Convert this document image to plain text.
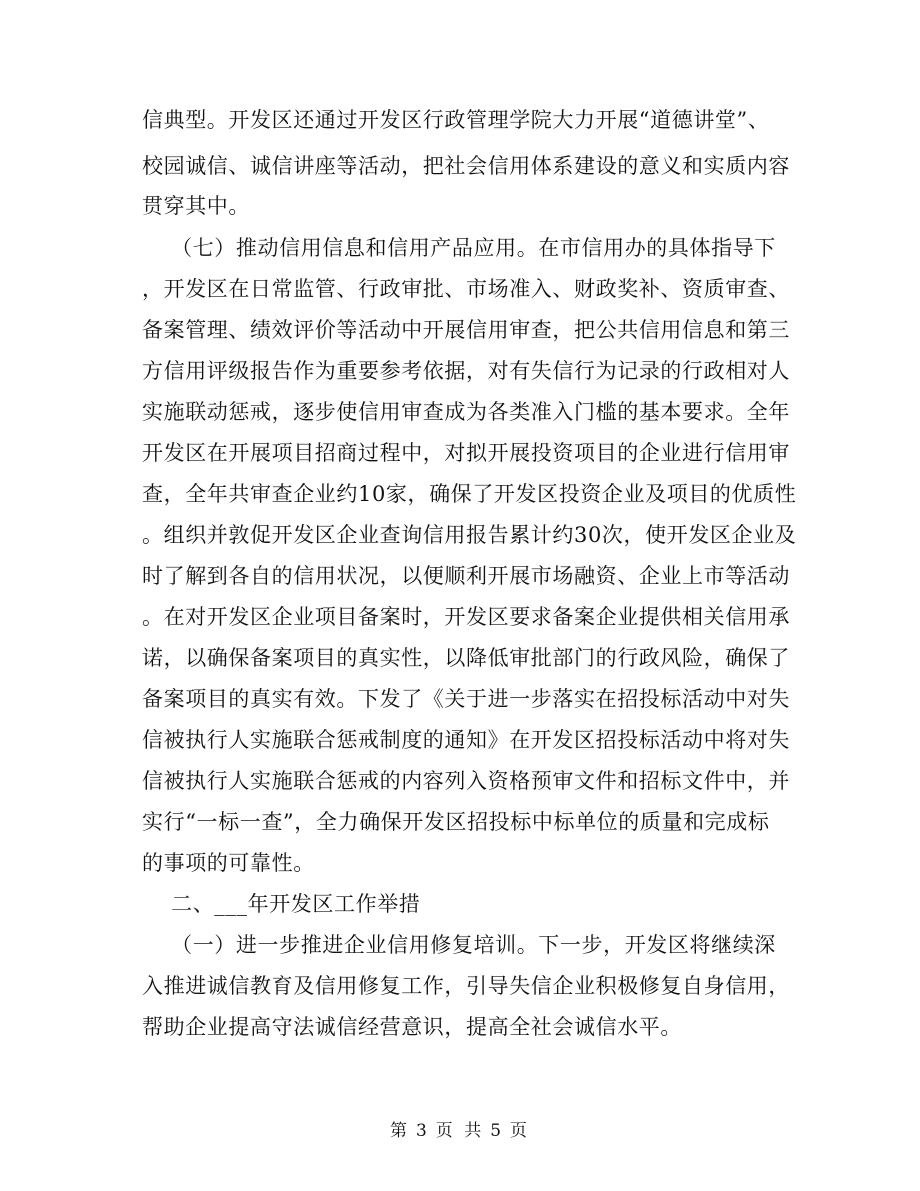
信典型。开发区还通过开发区行政管理学院大力开展“道德讲堂”、
校园诚信、诚信讲座等活动，把社会信用体系建设的意义和实质内容
贯穿其中。
（七）推动信用信息和信用产品应用。在市信用办的具体指导下
，开发区在日常监管、行政审批、市场准入、财政奖补、资质审查、
备案管理、绩效评价等活动中开展信用审查，把公共信用信息和第三
方信用评级报告作为重要参考依据，对有失信行为记录的行政相对人
实施联动惩戒，逐步使信用审查成为各类准入门槛的基本要求。全年
开发区在开展项目招商过程中，对拟开展投资项目的企业进行信用审
查，全年共审查企业约10家，确保了开发区投资企业及项目的优质性
。组织并敦促开发区企业查询信用报告累计约30次，使开发区企业及
时了解到各自的信用状况，以便顺利开展市场融资、企业上市等活动
。在对开发区企业项目备案时，开发区要求备案企业提供相关信用承
诺，以确保备案项目的真实性，以降低审批部门的行政风险，确保了
备案项目的真实有效。下发了《关于进一步落实在招投标活动中对失
信被执行人实施联合惩戒制度的通知》在开发区招投标活动中将对失
信被执行人实施联合惩戒的内容列入资格预审文件和招标文件中，并
实行“一标一查”，全力确保开发区招投标中标单位的质量和完成标
的事项的可靠性。
二、___年开发区工作举措
（一）进一步推进企业信用修复培训。下一步，开发区将继续深
入推进诚信教育及信用修复工作，引导失信企业积极修复自身信用，
帮助企业提高守法诚信经营意识，提高全社会诚信水平。
第 3 页 共 5 页
